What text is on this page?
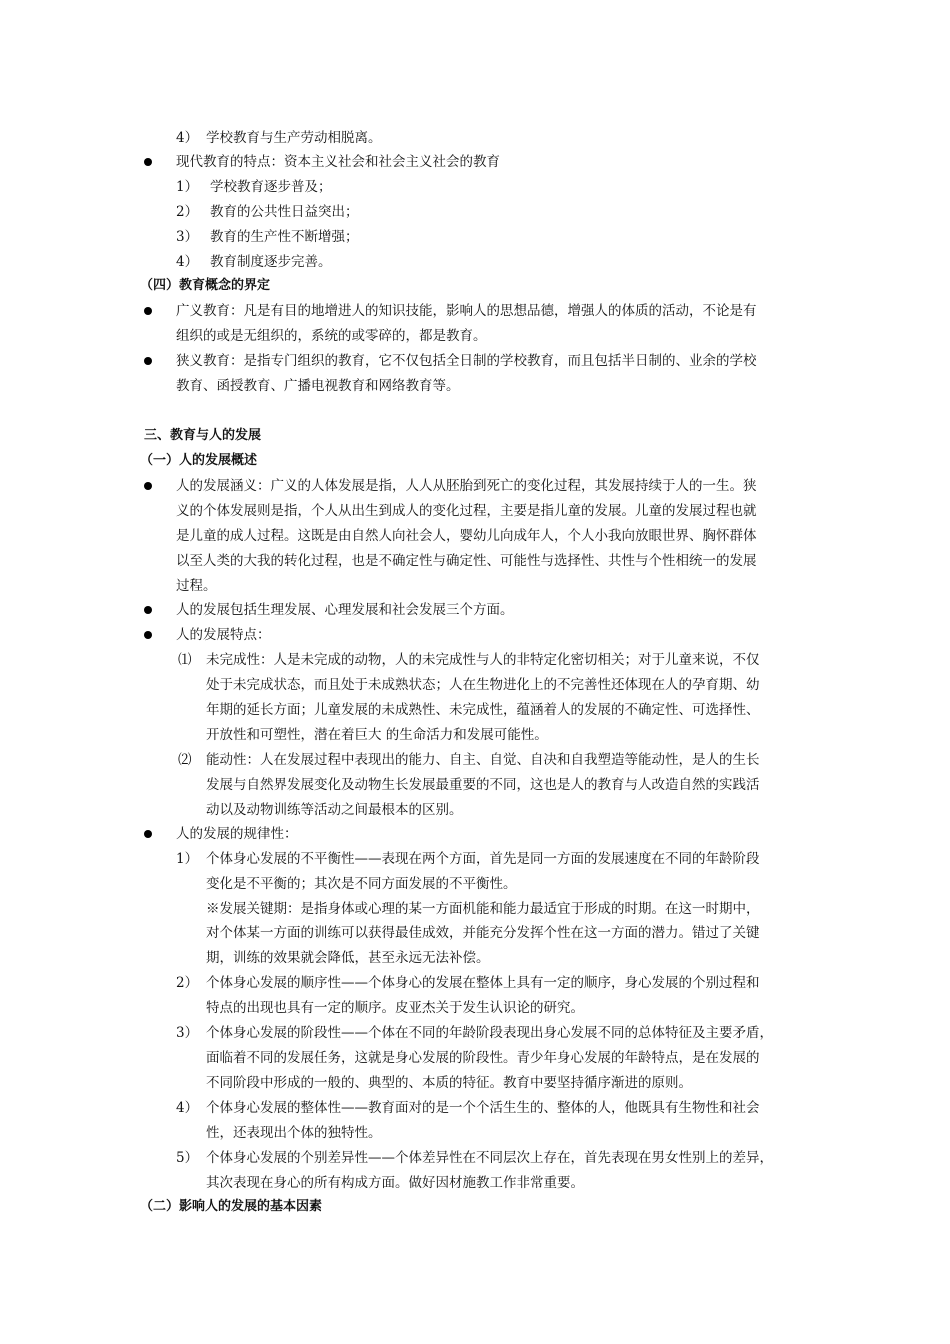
4） 学校教育与生产劳动相脱离。
现代教育的特点：资本主义社会和社会主义社会的教育
1） 学校教育逐步普及；
2） 教育的公共性日益突出；
3） 教育的生产性不断增强；
4） 教育制度逐步完善。
（四）教育概念的界定
广义教育：凡是有目的地增进人的知识技能，影响人的思想品德，增强人的体质的活动，不论是有
组织的或是无组织的，系统的或零碎的，都是教育。
狭义教育：是指专门组织的教育，它不仅包括全日制的学校教育，而且包括半日制的、业余的学校
教育、函授教育、广播电视教育和网络教育等。
三、教育与人的发展
（一）人的发展概述
人的发展涵义：广义的人体发展是指，人人从胚胎到死亡的变化过程，其发展持续于人的一生。狭
义的个体发展则是指，个人从出生到成人的变化过程，主要是指儿童的发展。儿童的发展过程也就
是儿童的成人过程。这既是由自然人向社会人，婴幼儿向成年人，个人小我向放眼世界、胸怀群体
以至人类的大我的转化过程，也是不确定性与确定性、可能性与选择性、共性与个性相统一的发展
过程。
人的发展包括生理发展、心理发展和社会发展三个方面。
人的发展特点：
⑴ 未完成性：人是未完成的动物，人的未完成性与人的非特定化密切相关；对于儿童来说，不仅
处于未完成状态，而且处于未成熟状态；人在生物进化上的不完善性还体现在人的孕育期、幼
年期的延长方面；儿童发展的未成熟性、未完成性，蕴涵着人的发展的不确定性、可选择性、
开放性和可塑性，潜在着巨大 的生命活力和发展可能性。
⑵ 能动性：人在发展过程中表现出的能力、自主、自觉、自决和自我塑造等能动性，是人的生长
发展与自然界发展变化及动物生长发展最重要的不同，这也是人的教育与人改造自然的实践活
动以及动物训练等活动之间最根本的区别。
人的发展的规律性：
1） 个体身心发展的不平衡性——表现在两个方面，首先是同一方面的发展速度在不同的年龄阶段
变化是不平衡的；其次是不同方面发展的不平衡性。
※发展关键期：是指身体或心理的某一方面机能和能力最适宜于形成的时期。在这一时期中，
对个体某一方面的训练可以获得最佳成效，并能充分发挥个性在这一方面的潜力。错过了关键
期，训练的效果就会降低，甚至永远无法补偿。
2） 个体身心发展的顺序性——个体身心的发展在整体上具有一定的顺序，身心发展的个别过程和
特点的出现也具有一定的顺序。皮亚杰关于发生认识论的研究。
3） 个体身心发展的阶段性——个体在不同的年龄阶段表现出身心发展不同的总体特征及主要矛盾，
面临着不同的发展任务，这就是身心发展的阶段性。青少年身心发展的年龄特点，是在发展的
不同阶段中形成的一般的、典型的、本质的特征。教育中要坚持循序渐进的原则。
4） 个体身心发展的整体性——教育面对的是一个个活生生的、整体的人，他既具有生物性和社会
性，还表现出个体的独特性。
5） 个体身心发展的个别差异性——个体差异性在不同层次上存在，首先表现在男女性别上的差异，
其次表现在身心的所有构成方面。做好因材施教工作非常重要。
（二）影响人的发展的基本因素
